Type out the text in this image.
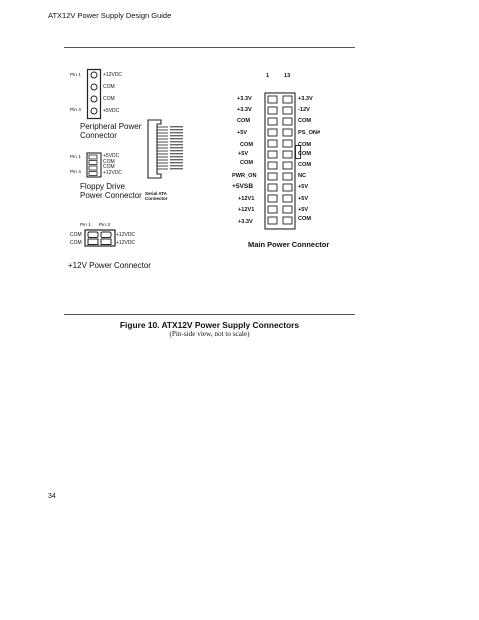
ATX12V Power Supply Design Guide
Pin 1
Pin 4
+12VDC
COM
COM
+5VDC
Peripheral Power
Connector
Serial ATA
Connector
Pin 1
Pin 4
+5VDC
COM
COM
+12VDC
Floppy Drive
Power Connector
Pin 1 Pin 3
COM
COM
+12VDC
+12VDC
+12V Power Connector
1	13
+3.3V
+3.3V
COM
+5V
COM
+5V
COM
PWR_ON
+5VSB
+12V1
+12V1
+3.3V
+3.3V
-12V
COM
PS_ON#
COM
COM
COM
NC
+5V
+5V
+5V
COM
Main Power Connector
Figure 10. ATX12V Power Supply Connectors
(Pin-side view, not to scale)
34
